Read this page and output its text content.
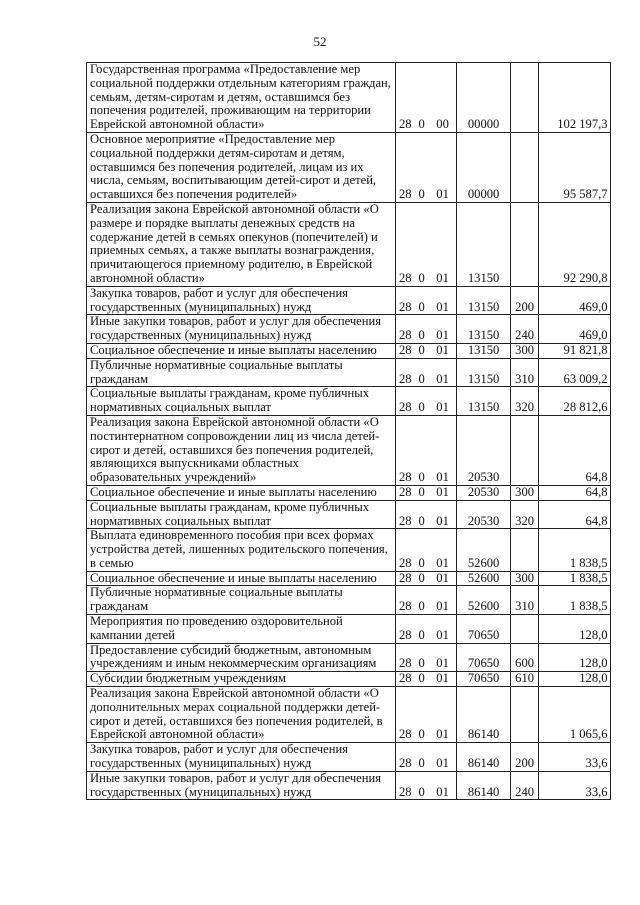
52
Государственная программа «Предоставление мер социальной поддержки отдельным категориям граждан, семьям, детям-сиротам и детям, оставшимся без попечения родителей, проживающим на территории Еврейской автономной области»	28	0	00	00000		102 197,3
Основное мероприятие «Предоставление мер социальной поддержки детям-сиротам и детям, оставшимся без попечения родителей, лицам из их числа, семьям, воспитывающим детей-сирот и детей, оставшихся без попечения родителей»	28	0	01	00000		95 587,7
Реализация закона Еврейской автономной области «О размере и порядке выплаты денежных средств на содержание детей в семьях опекунов (попечителей) и приемных семьях, а также выплаты вознаграждения, причитающегося приемному родителю, в Еврейской автономной области»	28	0	01	13150		92 290,8
Закупка товаров, работ и услуг для обеспечения государственных (муниципальных) нужд	28	0	01	13150	200	469,0
Иные закупки товаров, работ и услуг для обеспечения государственных (муниципальных) нужд	28	0	01	13150	240	469,0
Социальное обеспечение и иные выплаты населению	28	0	01	13150	300	91 821,8
Публичные нормативные социальные выплаты гражданам	28	0	01	13150	310	63 009,2
Социальные выплаты гражданам, кроме публичных нормативных социальных выплат	28	0	01	13150	320	28 812,6
Реализация закона Еврейской автономной области «О постинтернатном сопровождении лиц из числа детей-сирот и детей, оставшихся без попечения родителей, являющихся выпускниками областных образовательных учреждений»	28	0	01	20530		64,8
Социальное обеспечение и иные выплаты населению	28	0	01	20530	300	64,8
Социальные выплаты гражданам, кроме публичных нормативных социальных выплат	28	0	01	20530	320	64,8
Выплата единовременного пособия при всех формах устройства детей, лишенных родительского попечения, в семью	28	0	01	52600		1 838,5
Социальное обеспечение и иные выплаты населению	28	0	01	52600	300	1 838,5
Публичные нормативные социальные выплаты гражданам	28	0	01	52600	310	1 838,5
Мероприятия по проведению оздоровительной кампании детей	28	0	01	70650		128,0
Предоставление субсидий бюджетным, автономным учреждениям и иным некоммерческим организациям	28	0	01	70650	600	128,0
Субсидии бюджетным учреждениям	28	0	01	70650	610	128,0
Реализация закона Еврейской автономной области «О дополнительных мерах социальной поддержки детей-сирот и детей, оставшихся без попечения родителей, в Еврейской автономной области»	28	0	01	86140		1 065,6
Закупка товаров, работ и услуг для обеспечения государственных (муниципальных) нужд	28	0	01	86140	200	33,6
Иные закупки товаров, работ и услуг для обеспечения государственных (муниципальных) нужд	28	0	01	86140	240	33,6
